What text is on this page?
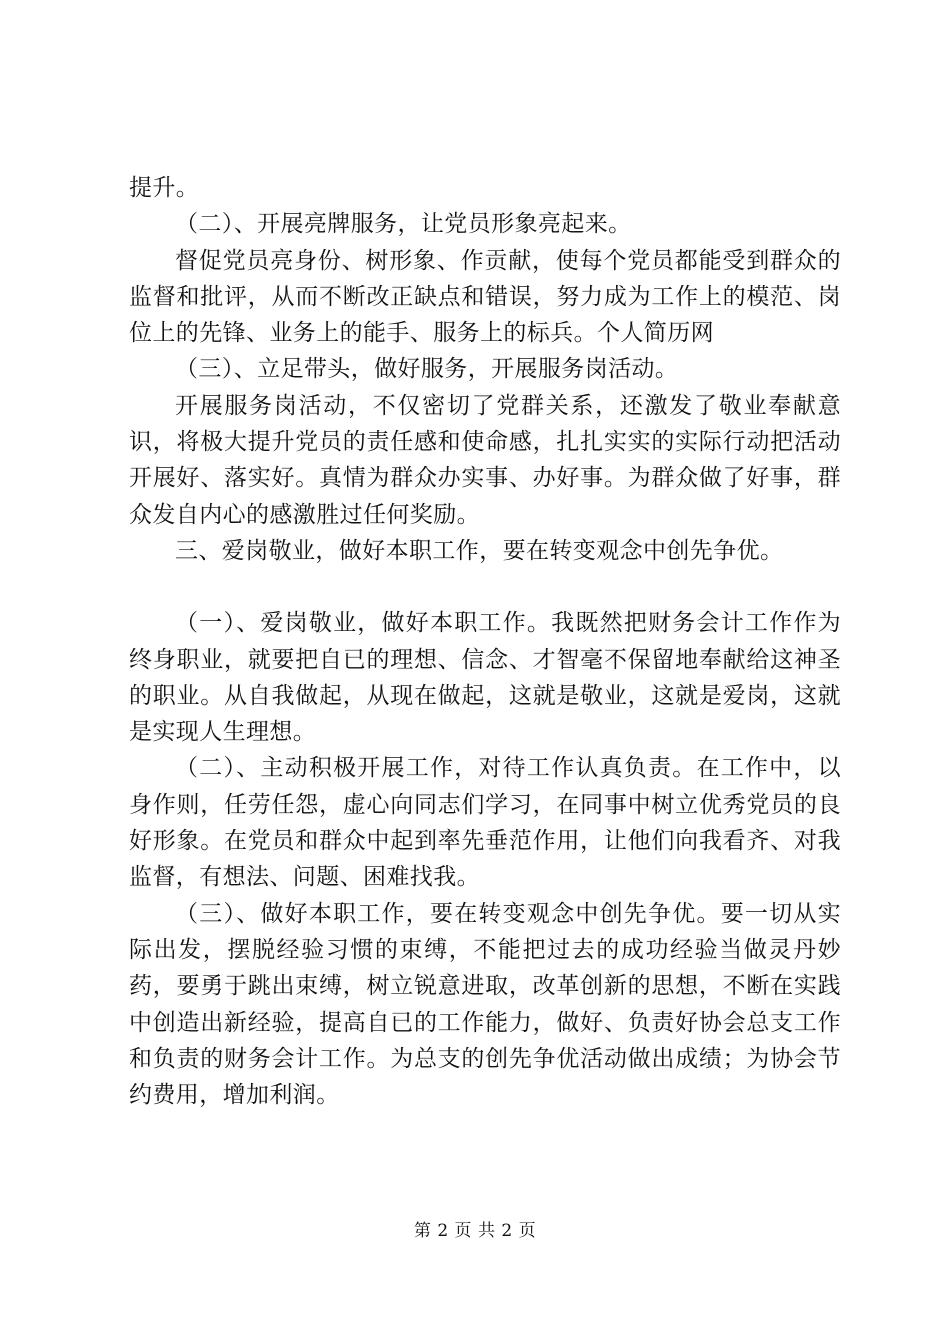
提升。

（二）、开展亮牌服务，让党员形象亮起来。

督促党员亮身份、树形象、作贡献，使每个党员都能受到群众的监督和批评，从而不断改正缺点和错误，努力成为工作上的模范、岗位上的先锋、业务上的能手、服务上的标兵。个人简历网

（三）、立足带头，做好服务，开展服务岗活动。

开展服务岗活动，不仅密切了党群关系，还激发了敬业奉献意识，将极大提升党员的责任感和使命感，扎扎实实的实际行动把活动开展好、落实好。真情为群众办实事、办好事。为群众做了好事，群众发自内心的感激胜过任何奖励。

三、爱岗敬业，做好本职工作，要在转变观念中创先争优。

（一）、爱岗敬业，做好本职工作。我既然把财务会计工作作为终身职业，就要把自已的理想、信念、才智毫不保留地奉献给这神圣的职业。从自我做起，从现在做起，这就是敬业，这就是爱岗，这就是实现人生理想。

（二）、主动积极开展工作，对待工作认真负责。在工作中，以身作则，任劳任怨，虚心向同志们学习，在同事中树立优秀党员的良好形象。在党员和群众中起到率先垂范作用，让他们向我看齐、对我监督，有想法、问题、困难找我。

（三）、做好本职工作，要在转变观念中创先争优。要一切从实际出发，摆脱经验习惯的束缚，不能把过去的成功经验当做灵丹妙药，要勇于跳出束缚，树立锐意进取，改革创新的思想，不断在实践中创造出新经验，提高自已的工作能力，做好、负责好协会总支工作和负责的财务会计工作。为总支的创先争优活动做出成绩；为协会节约费用，增加利润。

第 2 页 共 2 页
